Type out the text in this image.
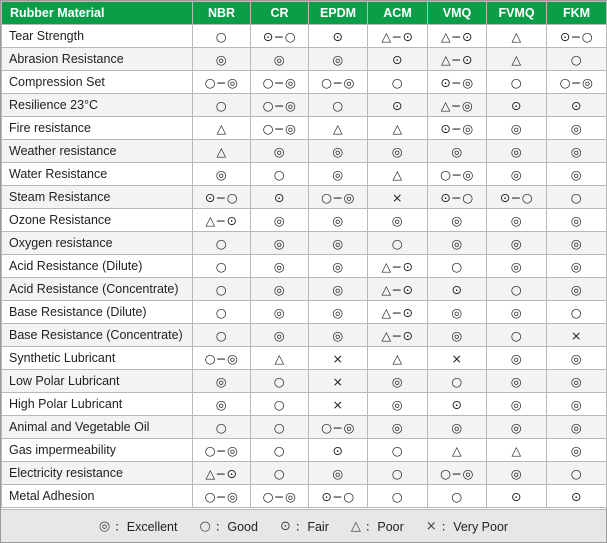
Rubber Material	NBR	CR	EPDM	ACM	VMQ	FVMQ	FKM
Tear Strength	○	⊙−○	⊙	△−⊙	△−⊙	△	⊙−○
Abrasion Resistance	◎	◎	◎	⊙	△−⊙	△	○
Compression Set	○−◎	○−◎	○−◎	○	⊙−◎	○	○−◎
Resilience 23°C	○	○−◎	○	⊙	△−◎	⊙	⊙
Fire resistance	△	○−◎	△	△	⊙−◎	◎	◎
Weather resistance	△	◎	◎	◎	◎	◎	◎
Water Resistance	◎	○	◎	△	○−◎	◎	◎
Steam Resistance	⊙−○	⊙	○−◎	×	⊙−○	⊙−○	○
Ozone Resistance	△−⊙	◎	◎	◎	◎	◎	◎
Oxygen resistance	○	◎	◎	○	◎	◎	◎
Acid Resistance (Dilute)	○	◎	◎	△−⊙	○	◎	◎
Acid Resistance (Concentrate)	○	◎	◎	△−⊙	⊙	○	◎
Base Resistance (Dilute)	○	◎	◎	△−⊙	◎	◎	○
Base Resistance (Concentrate)	○	◎	◎	△−⊙	◎	○	×
Synthetic Lubricant	○−◎	△	×	△	×	◎	◎
Low Polar Lubricant	◎	○	×	◎	○	◎	◎
High Polar Lubricant	◎	○	×	◎	⊙	◎	◎
Animal and Vegetable Oil	○	○	○−◎	◎	◎	◎	◎
Gas impermeability	○−◎	○	⊙	○	△	△	◎
Electricity resistance	△−⊙	○	◎	○	○−◎	◎	○
Metal Adhesion	○−◎	○−◎	⊙−○	○	○	⊙	⊙
◎ ：Excellent ○ ：Good ⊙ ：Fair △ ：Poor × ：Very Poor
